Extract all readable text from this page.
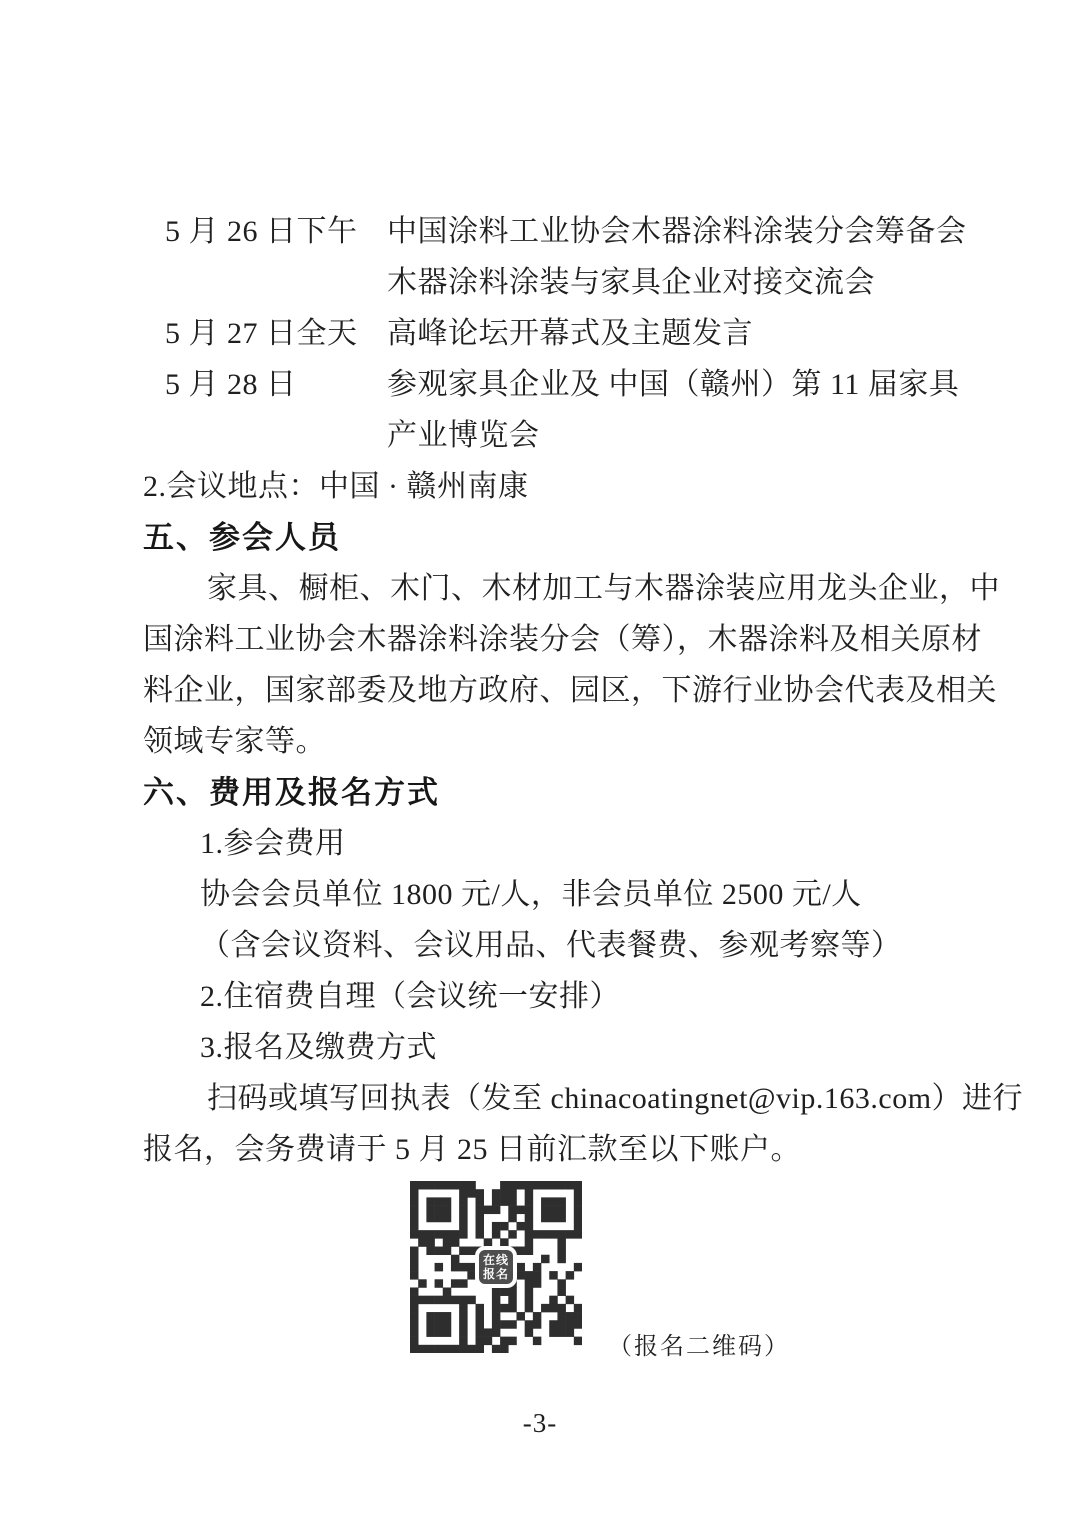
5 月 26 日下午 中国涂料工业协会木器涂料涂装分会筹备会
木器涂料涂装与家具企业对接交流会
5 月 27 日全天 高峰论坛开幕式及主题发言
5 月 28 日	参观家具企业及 中国（赣州）第 11 届家具
产业博览会
2.会议地点：中国 · 赣州南康
五、参会人员
家具、橱柜、木门、木材加工与木器涂装应用龙头企业，中
国涂料工业协会木器涂料涂装分会（筹），木器涂料及相关原材
料企业，国家部委及地方政府、园区，下游行业协会代表及相关
领域专家等。
六、费用及报名方式
1.参会费用
协会会员单位 1800 元/人，非会员单位 2500 元/人
（含会议资料、会议用品、代表餐费、参观考察等）
2.住宿费自理（会议统一安排）
3.报名及缴费方式
扫码或填写回执表（发至 chinacoatingnet@vip.163.com）进行
报名，会务费请于 5 月 25 日前汇款至以下账户。
在线
报名
（报名二维码）
-3-
